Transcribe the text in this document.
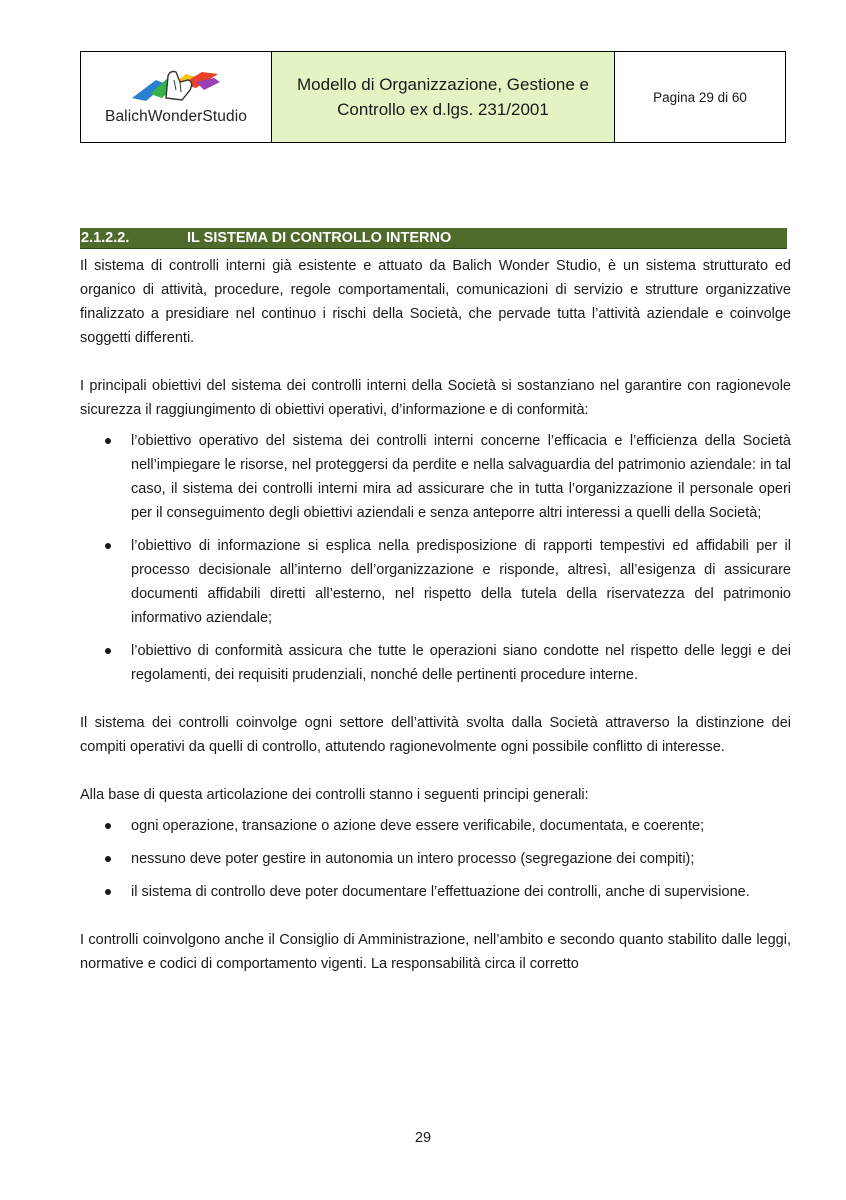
BalichWonderStudio
Modello di Organizzazione, Gestione e Controllo ex d.lgs. 231/2001
Pagina 29 di 60
2.1.2.2.	IL SISTEMA DI CONTROLLO INTERNO

Il sistema di controlli interni già esistente e attuato da Balich Wonder Studio, è un sistema strutturato ed organico di attività, procedure, regole comportamentali, comunicazioni di servizio e strutture organizzative finalizzato a presidiare nel continuo i rischi della Società, che pervade tutta l’attività aziendale e coinvolge soggetti differenti.

I principali obiettivi del sistema dei controlli interni della Società si sostanziano nel garantire con ragionevole sicurezza il raggiungimento di obiettivi operativi, d’informazione e di conformità:

l’obiettivo operativo del sistema dei controlli interni concerne l’efficacia e l’efficienza della Società nell’impiegare le risorse, nel proteggersi da perdite e nella salvaguardia del patrimonio aziendale: in tal caso, il sistema dei controlli interni mira ad assicurare che in tutta l’organizzazione il personale operi per il conseguimento degli obiettivi aziendali e senza anteporre altri interessi a quelli della Società;
l’obiettivo di informazione si esplica nella predisposizione di rapporti tempestivi ed affidabili per il processo decisionale all’interno dell’organizzazione e risponde, altresì, all’esigenza di assicurare documenti affidabili diretti all’esterno, nel rispetto della tutela della riservatezza del patrimonio informativo aziendale;
l’obiettivo di conformità assicura che tutte le operazioni siano condotte nel rispetto delle leggi e dei regolamenti, dei requisiti prudenziali, nonché delle pertinenti procedure interne.

Il sistema dei controlli coinvolge ogni settore dell’attività svolta dalla Società attraverso la distinzione dei compiti operativi da quelli di controllo, attutendo ragionevolmente ogni possibile conflitto di interesse.

Alla base di questa articolazione dei controlli stanno i seguenti principi generali:

ogni operazione, transazione o azione deve essere verificabile, documentata, e coerente;
nessuno deve poter gestire in autonomia un intero processo (segregazione dei compiti);
il sistema di controllo deve poter documentare l’effettuazione dei controlli, anche di supervisione.

I controlli coinvolgono anche il Consiglio di Amministrazione, nell’ambito e secondo quanto stabilito dalle leggi, normative e codici di comportamento vigenti. La responsabilità circa il corretto

29
